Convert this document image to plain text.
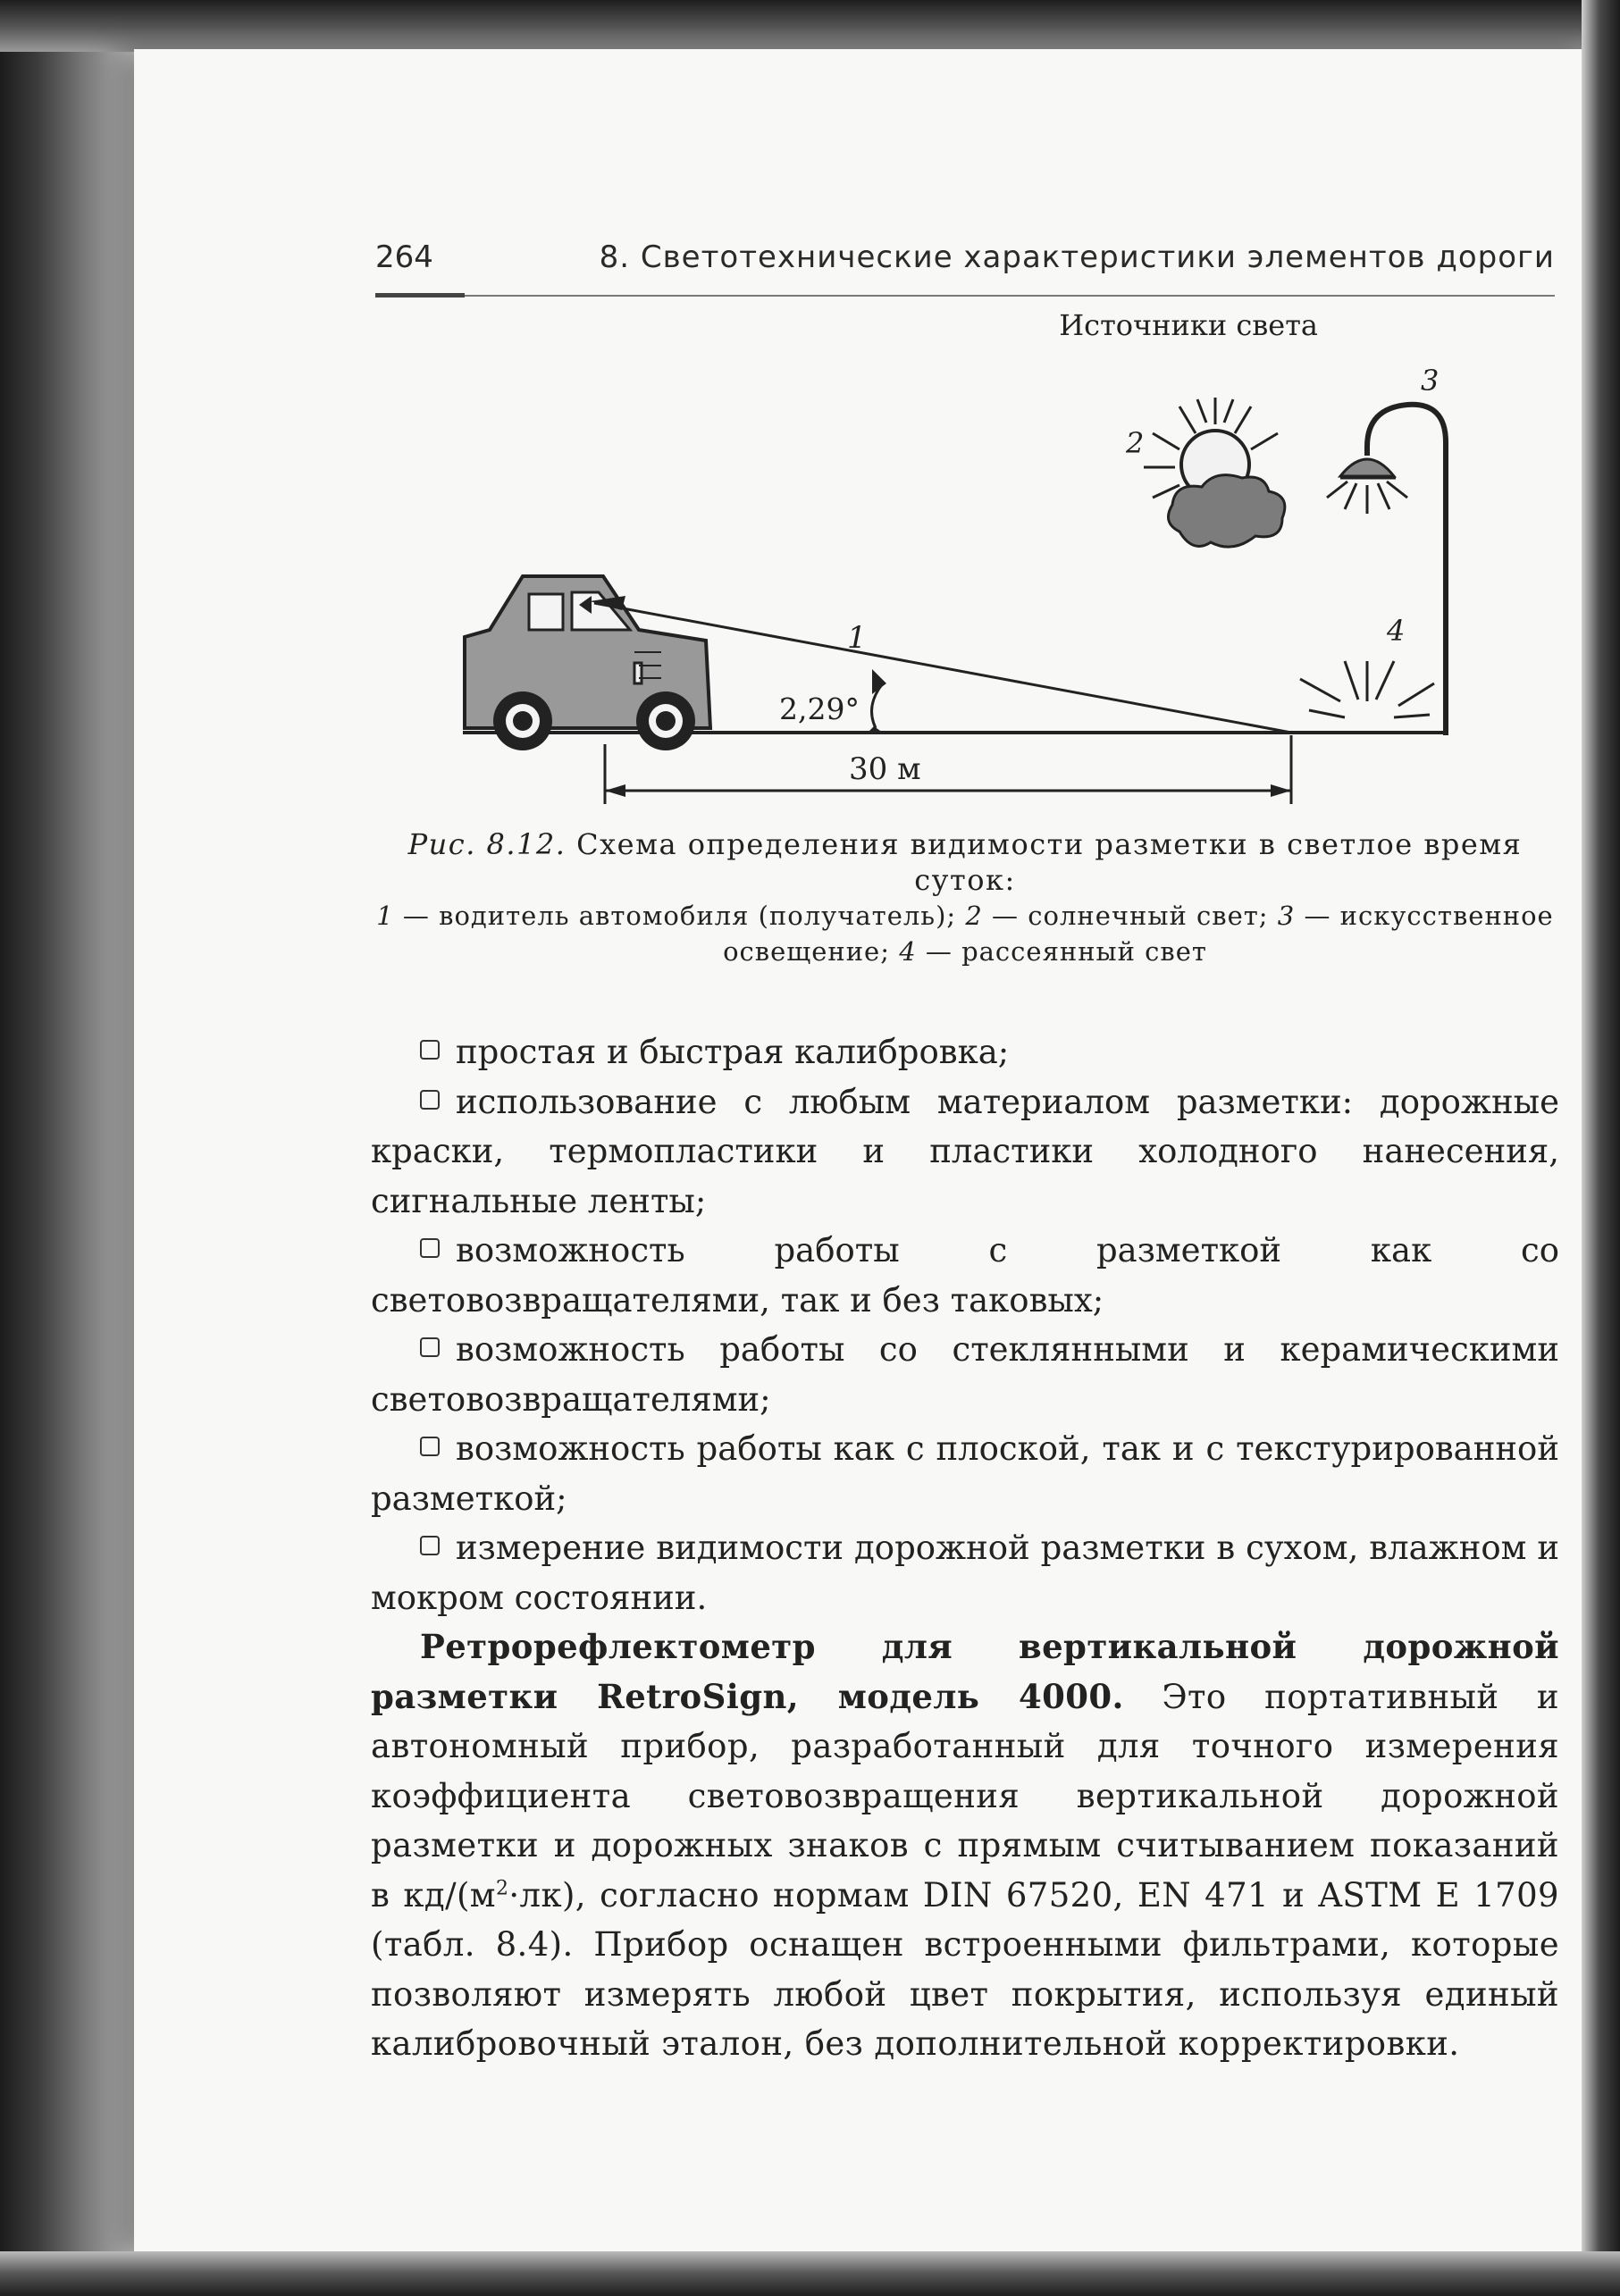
264	8. Светотехнические характеристики элементов дороги
Источники света
1
2,29°
30 м
2
3
4
Рис. 8.12. Схема определения видимости разметки в светлое время суток:
1 — водитель автомобиля (получатель); 2 — солнечный свет; 3 — искусственное освещение; 4 — рассеянный свет

простая и быстрая калибровка;

использование с любым материалом разметки: дорожные краски, термопластики и пластики холодного нанесения, сигнальные ленты;

возможность работы с разметкой как со световозвращателями, так и без таковых;

возможность работы со стеклянными и керамическими световозвращателями;

возможность работы как с плоской, так и с текстурированной разметкой;

измерение видимости дорожной разметки в сухом, влажном и мокром состоянии.

Ретрорефлектометр для вертикальной дорожной разметки RetroSign, модель 4000. Это портативный и автономный прибор, разработанный для точного измерения коэффициента световозвращения вертикальной дорожной разметки и дорожных знаков с прямым считыванием показаний в $кд/(м^2\cdot лк)$, согласно нормам DIN 67520, EN 471 и ASTM E 1709 (табл. 8.4). Прибор оснащен встроенными фильтрами, которые позволяют измерять любой цвет покрытия, используя единый калибровочный эталон, без дополнительной корректировки.
